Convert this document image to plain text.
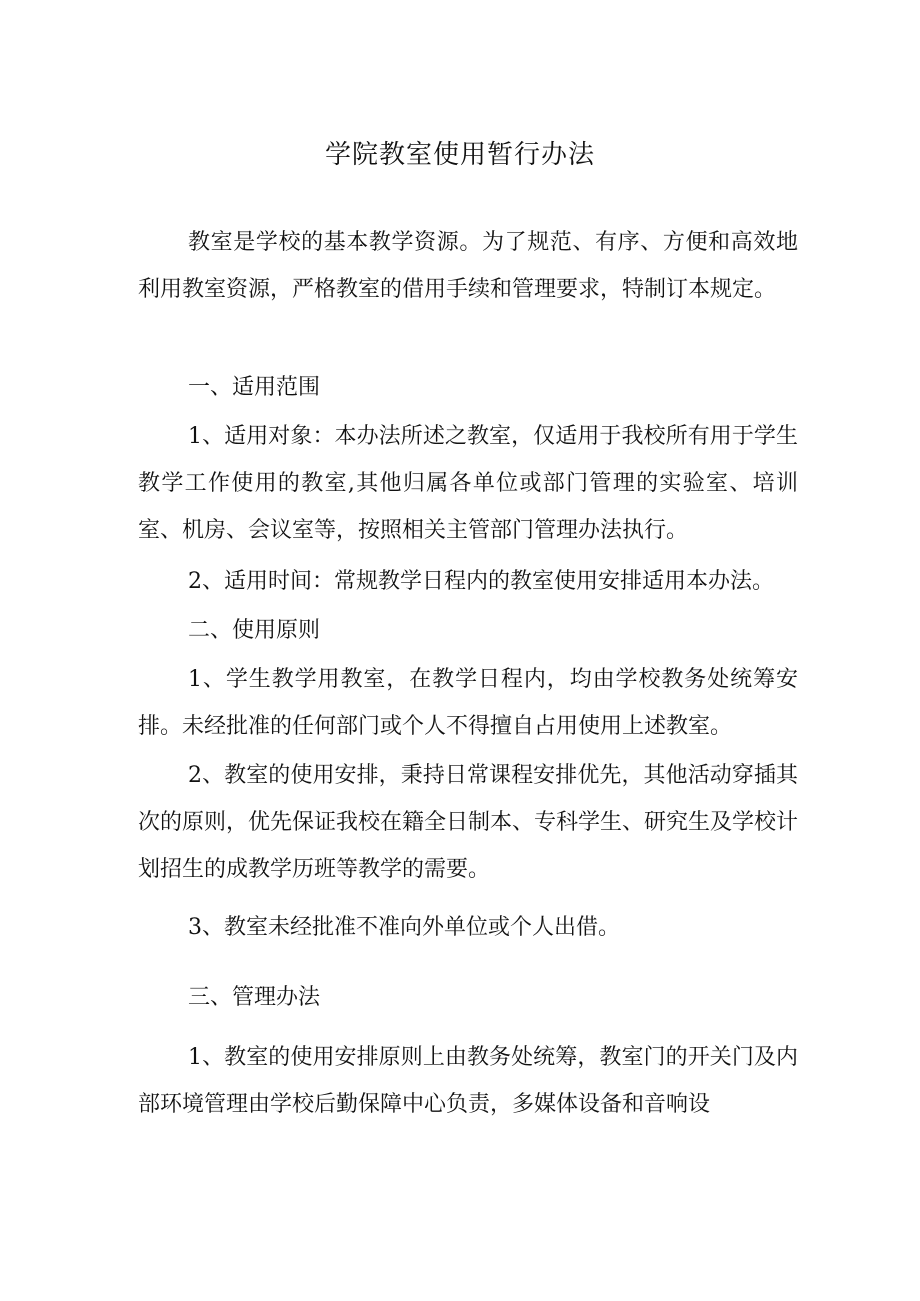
学院教室使用暂行办法

教室是学校的基本教学资源。为了规范、有序、方便和高效地利用教室资源，严格教室的借用手续和管理要求，特制订本规定。

一、适用范围

1、适用对象：本办法所述之教室，仅适用于我校所有用于学生教学工作使用的教室,其他归属各单位或部门管理的实验室、培训室、机房、会议室等，按照相关主管部门管理办法执行。

2、适用时间：常规教学日程内的教室使用安排适用本办法。

二、使用原则

1、学生教学用教室，在教学日程内，均由学校教务处统筹安排。未经批准的任何部门或个人不得擅自占用使用上述教室。

2、教室的使用安排，秉持日常课程安排优先，其他活动穿插其次的原则，优先保证我校在籍全日制本、专科学生、研究生及学校计划招生的成教学历班等教学的需要。

3、教室未经批准不准向外单位或个人出借。

三、管理办法

1、教室的使用安排原则上由教务处统筹，教室门的开关门及内部环境管理由学校后勤保障中心负责，多媒体设备和音响设
